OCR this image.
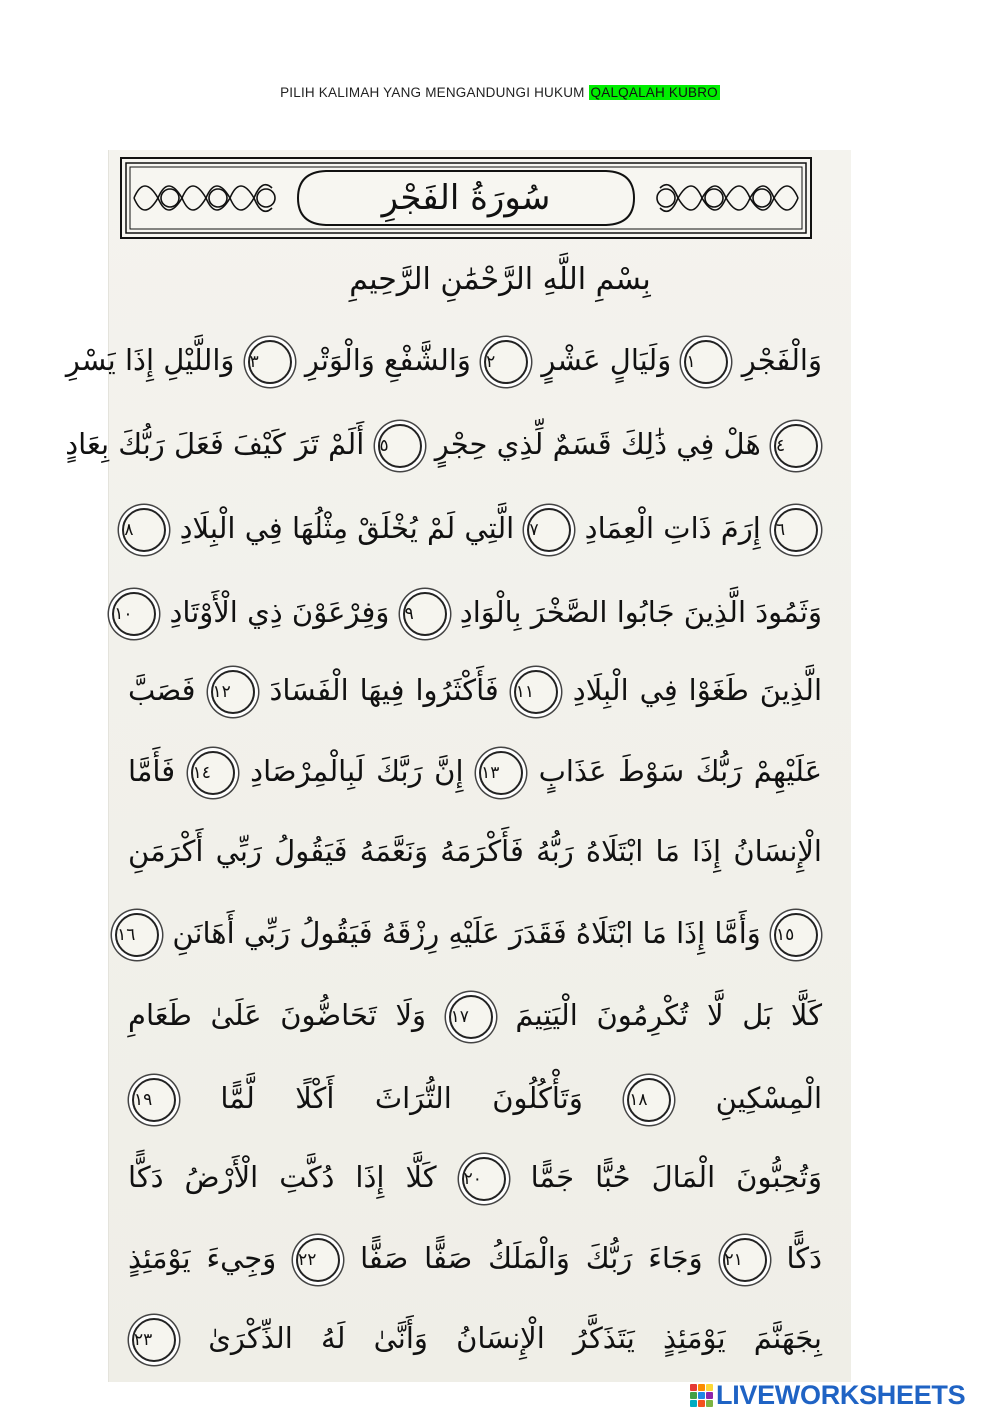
PILIH KALIMAH YANG MENGANDUNGI HUKUM QALQALAH KUBRO
سُورَةُ الفَجْرِ
بِسْمِ اللَّهِ الرَّحْمَٰنِ الرَّحِيمِ
وَالْفَجْرِ ١ وَلَيَالٍ عَشْرٍ ٢ وَالشَّفْعِ وَالْوَتْرِ ٣ وَاللَّيْلِ إِذَا يَسْرِ
٤ هَلْ فِي ذَٰلِكَ قَسَمٌ لِّذِي حِجْرٍ ٥ أَلَمْ تَرَ كَيْفَ فَعَلَ رَبُّكَ بِعَادٍ
٦ إِرَمَ ذَاتِ الْعِمَادِ ٧ الَّتِي لَمْ يُخْلَقْ مِثْلُهَا فِي الْبِلَادِ ٨
وَثَمُودَ الَّذِينَ جَابُوا الصَّخْرَ بِالْوَادِ ٩ وَفِرْعَوْنَ ذِي الْأَوْتَادِ ١٠
الَّذِينَ طَغَوْا فِي الْبِلَادِ ١١ فَأَكْثَرُوا فِيهَا الْفَسَادَ ١٢ فَصَبَّ
عَلَيْهِمْ رَبُّكَ سَوْطَ عَذَابٍ ١٣ إِنَّ رَبَّكَ لَبِالْمِرْصَادِ ١٤ فَأَمَّا
الْإِنسَانُ إِذَا مَا ابْتَلَاهُ رَبُّهُ فَأَكْرَمَهُ وَنَعَّمَهُ فَيَقُولُ رَبِّي أَكْرَمَنِ
١٥ وَأَمَّا إِذَا مَا ابْتَلَاهُ فَقَدَرَ عَلَيْهِ رِزْقَهُ فَيَقُولُ رَبِّي أَهَانَنِ ١٦
كَلَّا بَل لَّا تُكْرِمُونَ الْيَتِيمَ ١٧ وَلَا تَحَاضُّونَ عَلَىٰ طَعَامِ
الْمِسْكِينِ ١٨ وَتَأْكُلُونَ التُّرَاثَ أَكْلًا لَّمًّا ١٩
وَتُحِبُّونَ الْمَالَ حُبًّا جَمًّا ٢٠ كَلَّا إِذَا دُكَّتِ الْأَرْضُ دَكًّا
دَكًّا ٢١ وَجَاءَ رَبُّكَ وَالْمَلَكُ صَفًّا صَفًّا ٢٢ وَجِيءَ يَوْمَئِذٍ
بِجَهَنَّمَ يَوْمَئِذٍ يَتَذَكَّرُ الْإِنسَانُ وَأَنَّىٰ لَهُ الذِّكْرَىٰ ٢٣
LIVEWORKSHEETS
